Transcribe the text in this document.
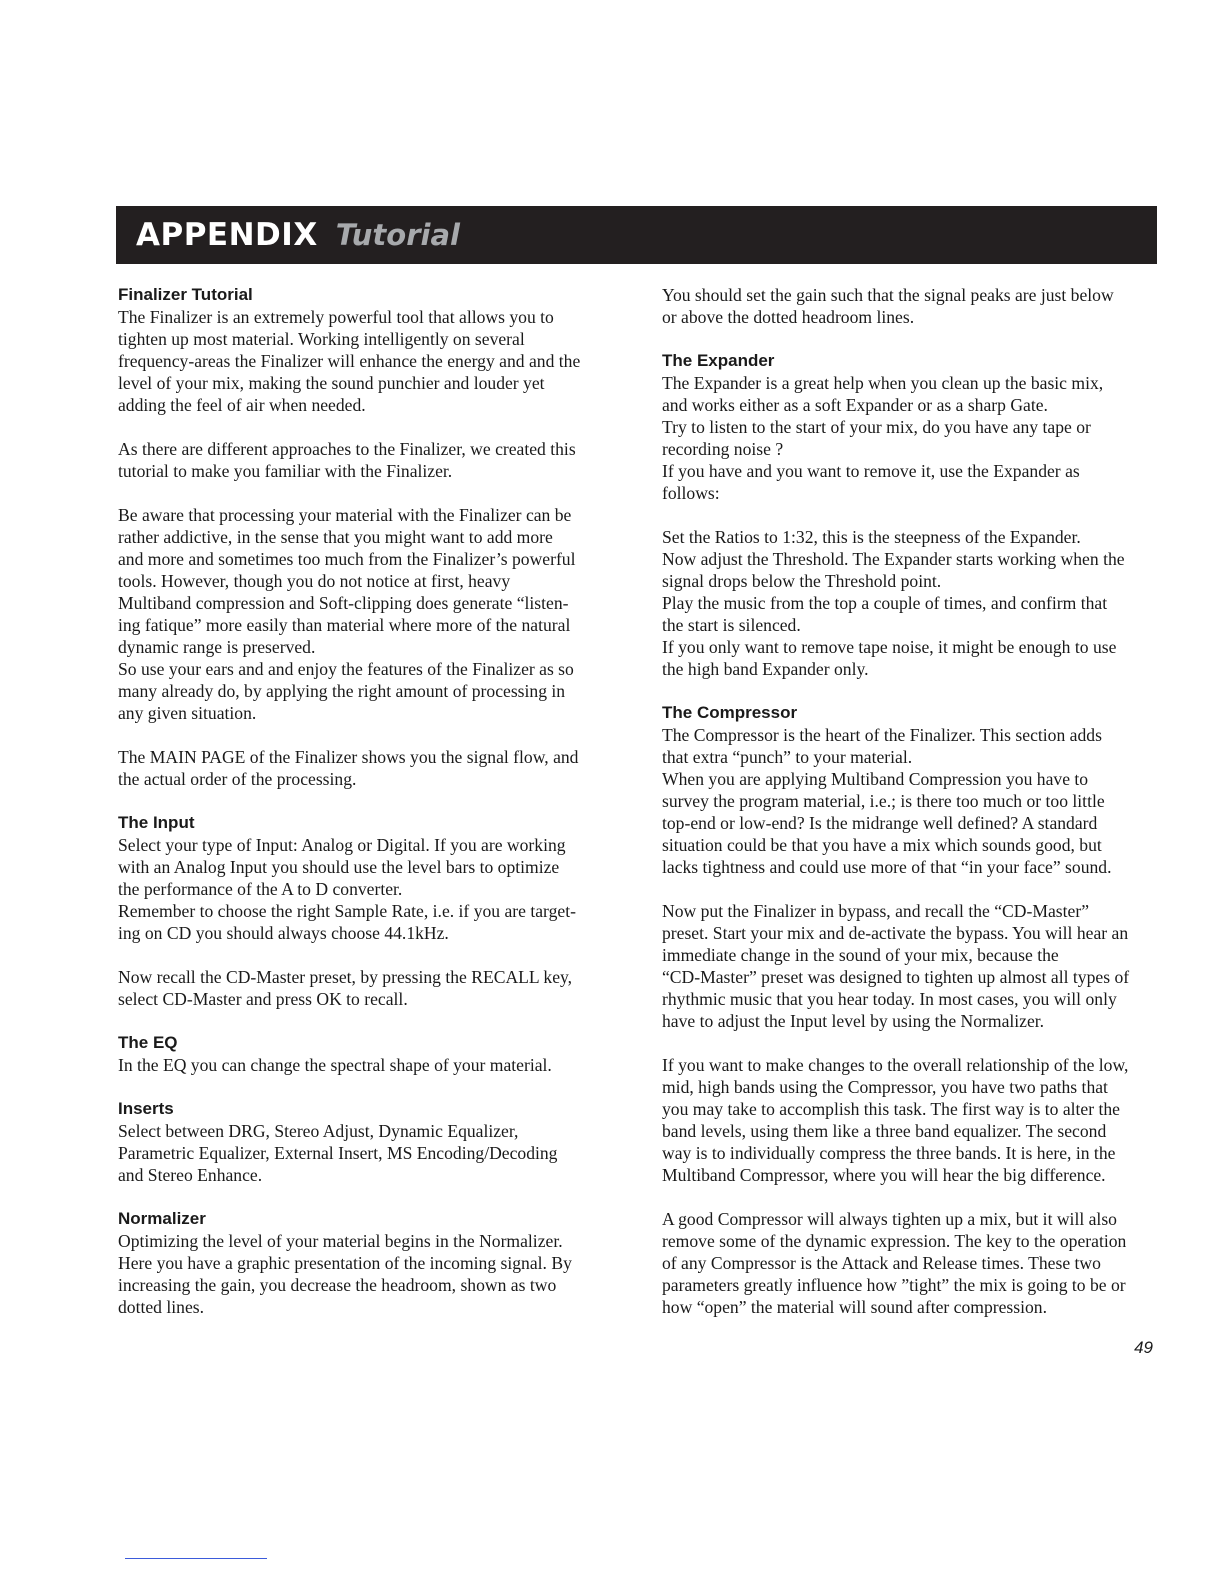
APPENDIX Tutorial
Finalizer Tutorial

The Finalizer is an extremely powerful tool that allows you to
tighten up most material. Working intelligently on several
frequency-areas the Finalizer will enhance the energy and and the
level of your mix, making the sound punchier and louder yet
adding the feel of air when needed.

As there are different approaches to the Finalizer, we created this
tutorial to make you familiar with the Finalizer.

Be aware that processing your material with the Finalizer can be
rather addictive, in the sense that you might want to add more
and more and sometimes too much from the Finalizer’s powerful
tools. However, though you do not notice at first, heavy
Multiband compression and Soft-clipping does generate “listen-
ing fatique” more easily than material where more of the natural
dynamic range is preserved.
So use your ears and and enjoy the features of the Finalizer as so
many already do, by applying the right amount of processing in
any given situation.

The MAIN PAGE of the Finalizer shows you the signal flow, and
the actual order of the processing.

The Input

Select your type of Input: Analog or Digital. If you are working
with an Analog Input you should use the level bars to optimize
the performance of the A to D converter.
Remember to choose the right Sample Rate, i.e. if you are target-
ing on CD you should always choose 44.1kHz.

Now recall the CD-Master preset, by pressing the RECALL key,
select CD-Master and press OK to recall.

The EQ

In the EQ you can change the spectral shape of your material.

Inserts

Select between DRG, Stereo Adjust, Dynamic Equalizer,
Parametric Equalizer, External Insert, MS Encoding/Decoding
and Stereo Enhance.

Normalizer

Optimizing the level of your material begins in the Normalizer.
Here you have a graphic presentation of the incoming signal. By
increasing the gain, you decrease the headroom, shown as two
dotted lines.

You should set the gain such that the signal peaks are just below
or above the dotted headroom lines.

The Expander

The Expander is a great help when you clean up the basic mix,
and works either as a soft Expander or as a sharp Gate.
Try to listen to the start of your mix, do you have any tape or
recording noise ?
If you have and you want to remove it, use the Expander as
follows:

Set the Ratios to 1:32, this is the steepness of the Expander.
Now adjust the Threshold. The Expander starts working when the
signal drops below the Threshold point.
Play the music from the top a couple of times, and confirm that
the start is silenced.
If you only want to remove tape noise, it might be enough to use
the high band Expander only.

The Compressor

The Compressor is the heart of the Finalizer. This section adds
that extra “punch” to your material.
When you are applying Multiband Compression you have to
survey the program material, i.e.; is there too much or too little
top-end or low-end? Is the midrange well defined? A standard
situation could be that you have a mix which sounds good, but
lacks tightness and could use more of that “in your face” sound.

Now put the Finalizer in bypass, and recall the “CD-Master”
preset. Start your mix and de-activate the bypass. You will hear an
immediate change in the sound of your mix, because the
“CD-Master” preset was designed to tighten up almost all types of
rhythmic music that you hear today. In most cases, you will only
have to adjust the Input level by using the Normalizer.

If you want to make changes to the overall relationship of the low,
mid, high bands using the Compressor, you have two paths that
you may take to accomplish this task. The first way is to alter the
band levels, using them like a three band equalizer. The second
way is to individually compress the three bands. It is here, in the
Multiband Compressor, where you will hear the big difference.

A good Compressor will always tighten up a mix, but it will also
remove some of the dynamic expression. The key to the operation
of any Compressor is the Attack and Release times. These two
parameters greatly influence how ”tight” the mix is going to be or
how “open” the material will sound after compression.

49
